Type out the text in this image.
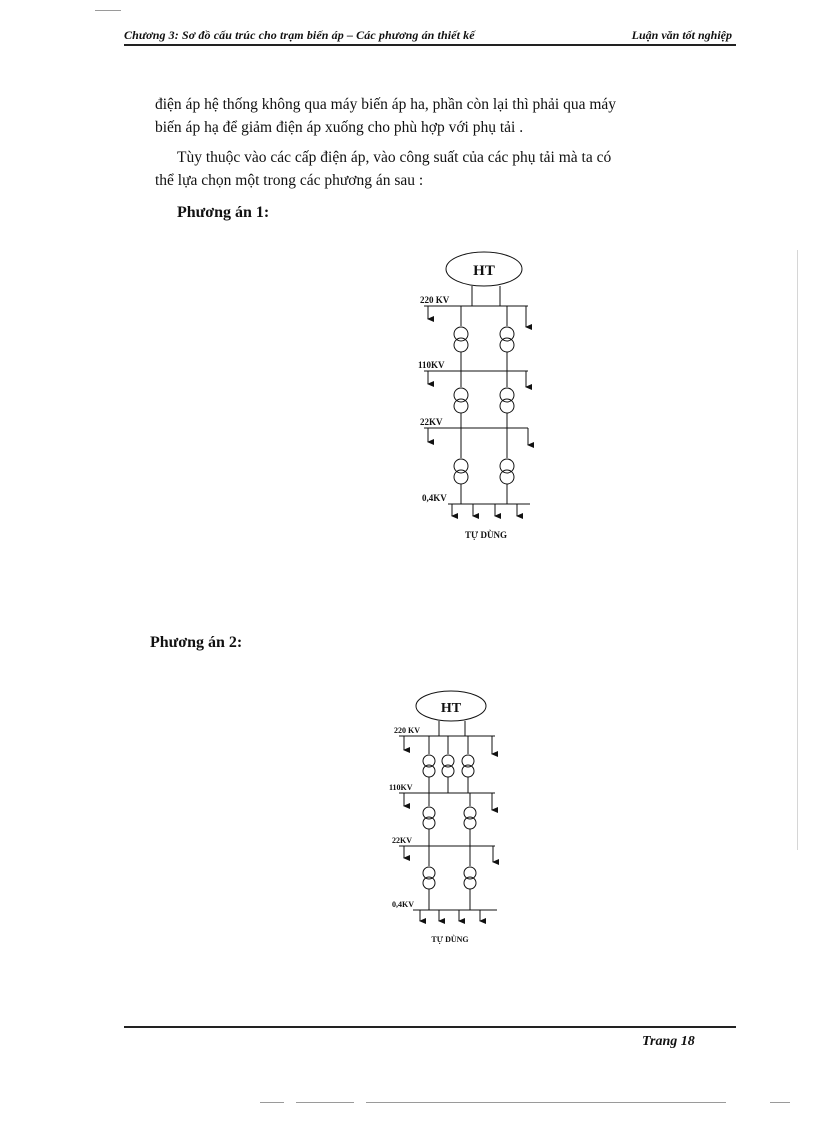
Chương 3: Sơ đồ cấu trúc cho trạm biến áp – Các phương án thiết kế	Luận văn tốt nghiệp

điện áp hệ thống không qua máy biến áp ha, phần còn lại thì phải qua máy

biến áp hạ để giảm điện áp xuống cho phù hợp với phụ tải .

Tùy thuộc vào các cấp điện áp, vào công suất của các phụ tải mà ta có

thể lựa chọn một trong các phương án sau :

Phương án 1:

HT
220 KV
110KV
22KV
0,4KV
TỰ DÙNG

Phương án 2:

HT
220 KV
110KV
22KV
0,4KV
TỰ DÙNG
Trang 18
